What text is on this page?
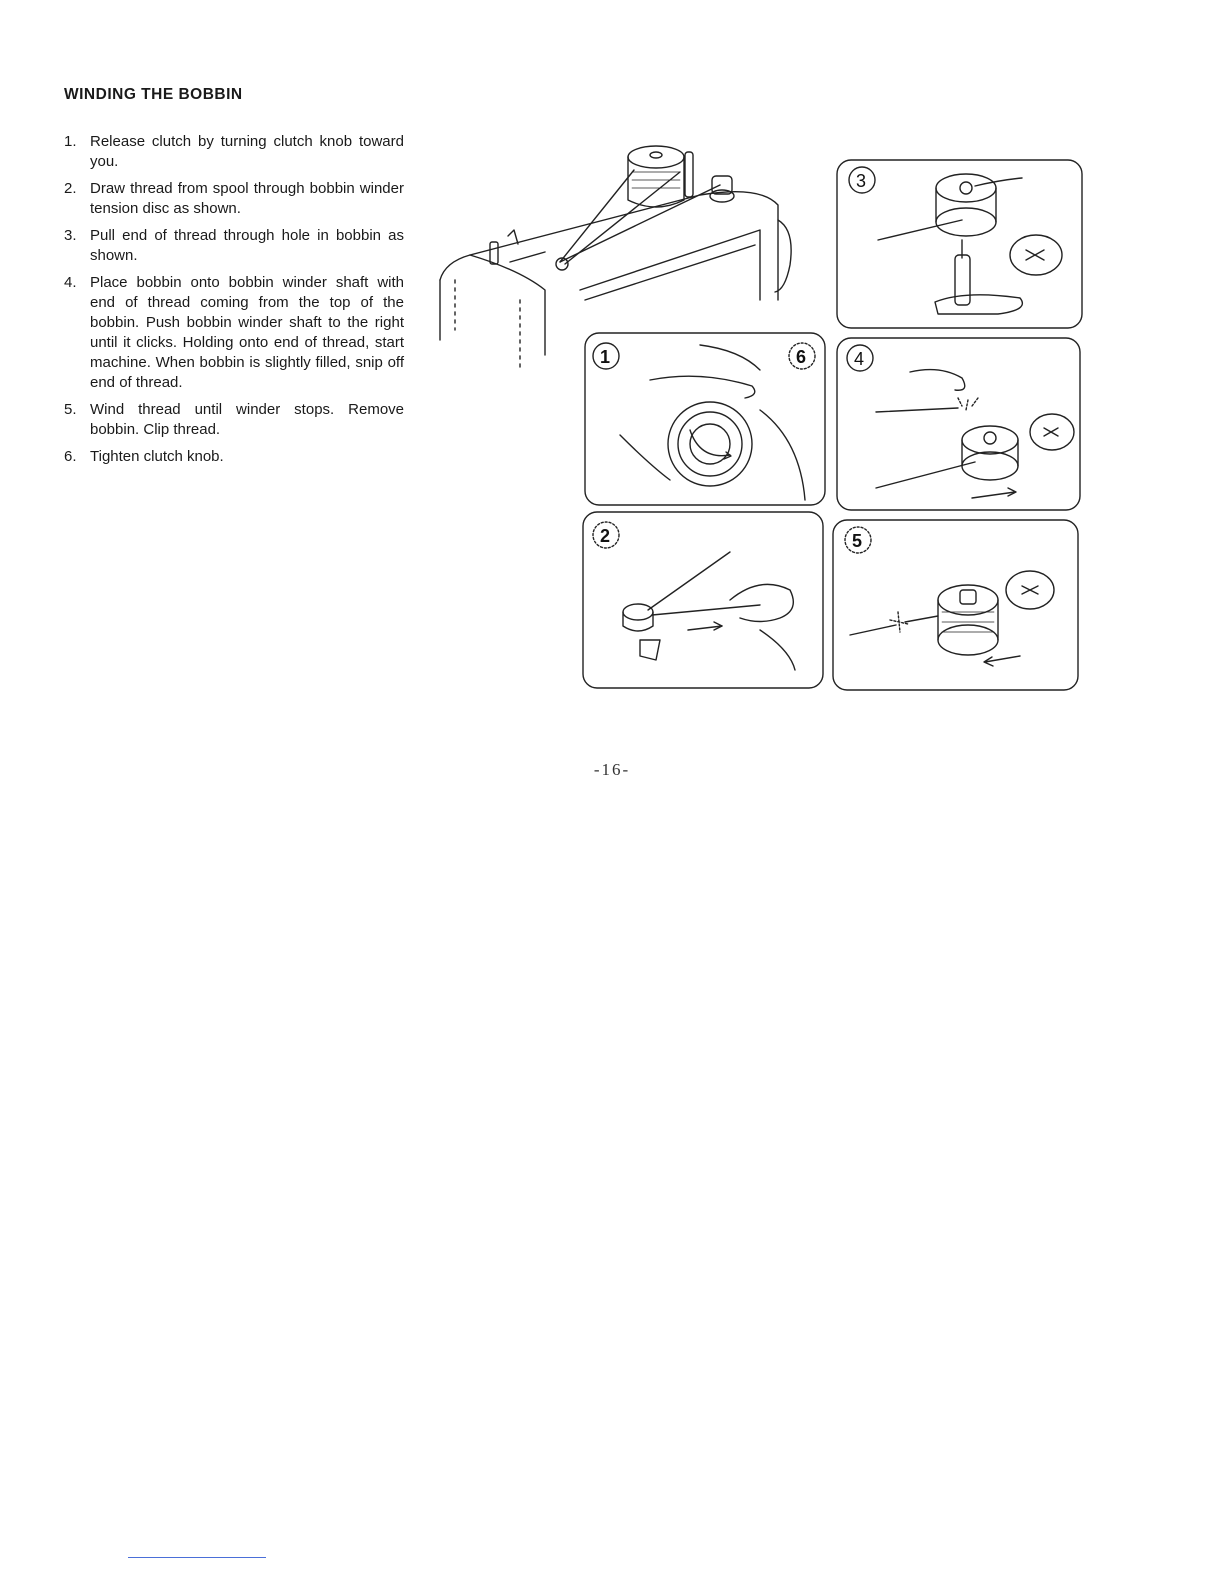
WINDING THE BOBBIN
1. Release clutch by turning clutch knob toward you.
2. Draw thread from spool through bobbin winder tension disc as shown.
3. Pull end of thread through hole in bobbin as shown.
4. Place bobbin onto bobbin winder shaft with end of thread coming from the top of the bobbin. Push bobbin winder shaft to the right until it clicks. Holding onto end of thread, start machine. When bobbin is slightly filled, snip off end of thread.
5. Wind thread until winder stops. Remove bobbin. Clip thread.
6. Tighten clutch knob.
3
1	6	4
2	5
-16-
